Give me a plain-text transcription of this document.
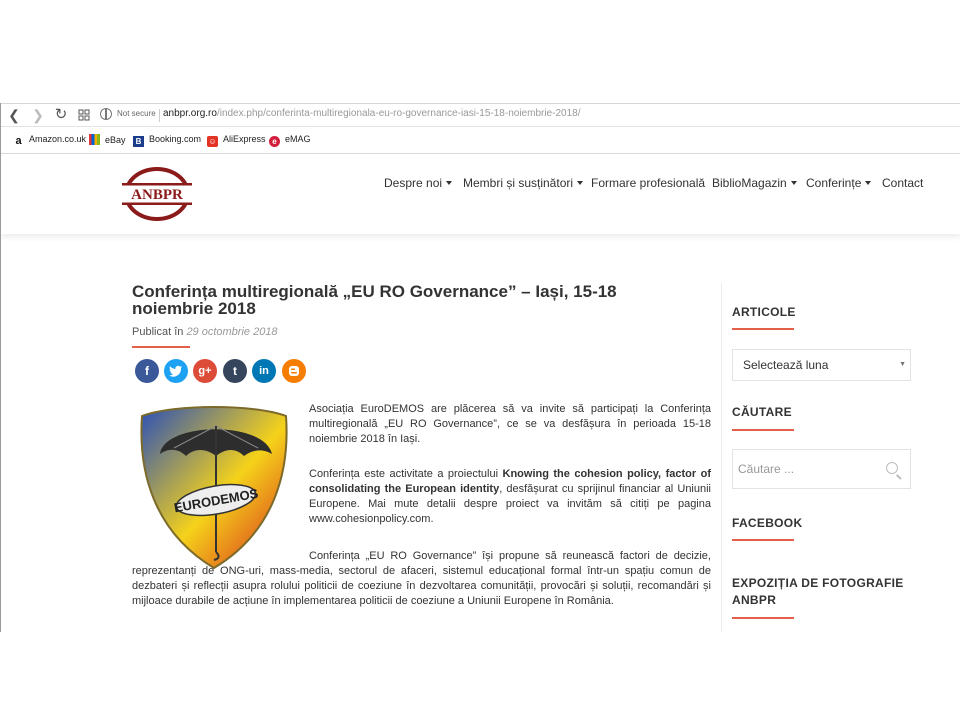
❮ ❯ ↻	Not secure anbpr.org.ro/index.php/conferinta-multiregionala-eu-ro-governance-iasi-15-18-noiembrie-2018/
a Amazon.co.uk	eBay	B Booking.com ☺ AliExpress e eMAG
ANBPR
Despre noi	Membri și susținători	Formare profesională BiblioMagazin	Conferințe	Contact
Conferința multiregională „EU RO Governance” – Iași, 15-18 noiembrie 2018
Publicat în 29 octombrie 2018
f	g+	t	in
EURODEMOS

Asociația EuroDEMOS are plăcerea să va invite să participați la Conferința multiregională „EU RO Governance”, ce se va desfășura în perioada 15-18 noiembrie 2018 în Iași.

Conferința este activitate a proiectului Knowing the cohesion policy, factor of consolidating the European identity, desfășurat cu sprijinul financiar al Uniunii Europene. Mai mute detalii despre proiect va invităm să citiți pe pagina www.cohesionpolicy.com.

Conferința „EU RO Governance” își propune să reunească factori de decizie, reprezentanți de ONG-uri, mass-media, sectorul de afaceri, sistemul educațional formal într-un spațiu comun de dezbateri și reflecții asupra rolului politicii de coeziune în dezvoltarea comunității, provocări și soluții, recomandări și mijloace durabile de acțiune în implementarea politicii de coeziune a Uniunii Europene în România.

ARTICOLE
Selectează luna	▼
CĂUTARE
Căutare ...
FACEBOOK
EXPOZIȚIA DE FOTOGRAFIE ANBPR
